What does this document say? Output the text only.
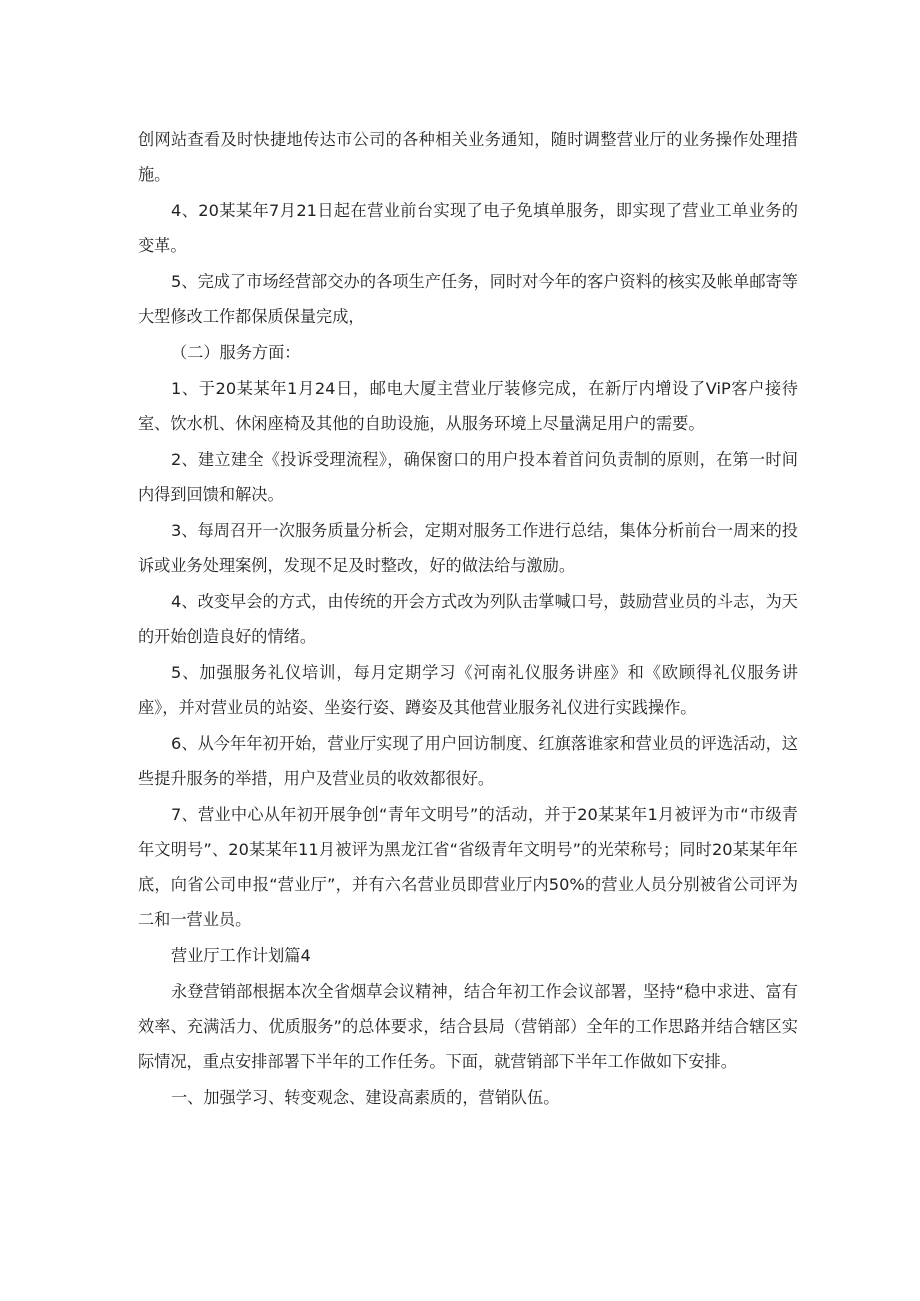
创网站查看及时快捷地传达市公司的各种相关业务通知，随时调整营业厅的业务操作处理措施。

4、20某某年7月21日起在营业前台实现了电子免填单服务，即实现了营业工单业务的变革。

5、完成了市场经营部交办的各项生产任务，同时对今年的客户资料的核实及帐单邮寄等大型修改工作都保质保量完成，

（二）服务方面：

1、于20某某年1月24日，邮电大厦主营业厅装修完成，在新厅内增设了ViP客户接待室、饮水机、休闲座椅及其他的自助设施，从服务环境上尽量满足用户的需要。

2、建立建全《投诉受理流程》，确保窗口的用户投本着首问负责制的原则，在第一时间内得到回馈和解决。

3、每周召开一次服务质量分析会，定期对服务工作进行总结，集体分析前台一周来的投诉或业务处理案例，发现不足及时整改，好的做法给与激励。

4、改变早会的方式，由传统的开会方式改为列队击掌喊口号，鼓励营业员的斗志，为天的开始创造良好的情绪。

5、加强服务礼仪培训，每月定期学习《河南礼仪服务讲座》和《欧顾得礼仪服务讲座》，并对营业员的站姿、坐姿行姿、蹲姿及其他营业服务礼仪进行实践操作。

6、从今年年初开始，营业厅实现了用户回访制度、红旗落谁家和营业员的评选活动，这些提升服务的举措，用户及营业员的收效都很好。

7、营业中心从年初开展争创“青年文明号”的活动，并于20某某年1月被评为市“市级青年文明号”、20某某年11月被评为黑龙江省“省级青年文明号”的光荣称号；同时20某某年年底，向省公司申报“营业厅”，并有六名营业员即营业厅内50%的营业人员分别被省公司评为二和一营业员。

营业厅工作计划篇4

永登营销部根据本次全省烟草会议精神，结合年初工作会议部署，坚持“稳中求进、富有效率、充满活力、优质服务”的总体要求，结合县局（营销部）全年的工作思路并结合辖区实际情况，重点安排部署下半年的工作任务。下面，就营销部下半年工作做如下安排。

一、加强学习、转变观念、建设高素质的，营销队伍。
